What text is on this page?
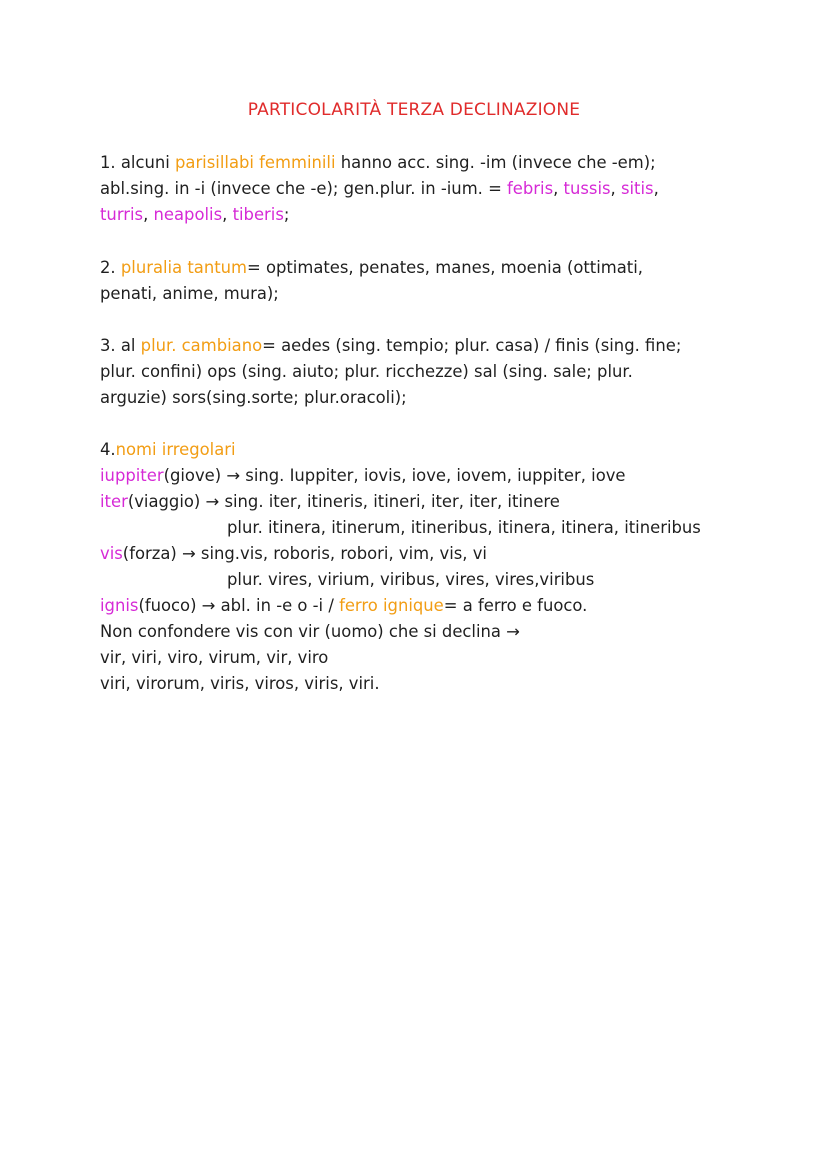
PARTICOLARITÀ TERZA DECLINAZIONE
1. alcuni parisillabi femminili hanno acc. sing. -im (invece che -em);
abl.sing. in -i (invece che -e); gen.plur. in -ium. = febris, tussis, sitis,
turris, neapolis, tiberis;
2. pluralia tantum= optimates, penates, manes, moenia (ottimati,
penati, anime, mura);
3. al plur. cambiano= aedes (sing. tempio; plur. casa) / finis (sing. fine;
plur. confini) ops (sing. aiuto; plur. ricchezze) sal (sing. sale; plur.
arguzie) sors(sing.sorte; plur.oracoli);
4.nomi irregolari
iuppiter(giove) → sing. Iuppiter, iovis, iove, iovem, iuppiter, iove
iter(viaggio) → sing. iter, itineris, itineri, iter, iter, itinere
plur. itinera, itinerum, itineribus, itinera, itinera, itineribus
vis(forza) → sing.vis, roboris, robori, vim, vis, vi
plur. vires, virium, viribus, vires, vires,viribus
ignis(fuoco) → abl. in -e o -i / ferro ignique= a ferro e fuoco.
Non confondere vis con vir (uomo) che si declina →
vir, viri, viro, virum, vir, viro
viri, virorum, viris, viros, viris, viri.
